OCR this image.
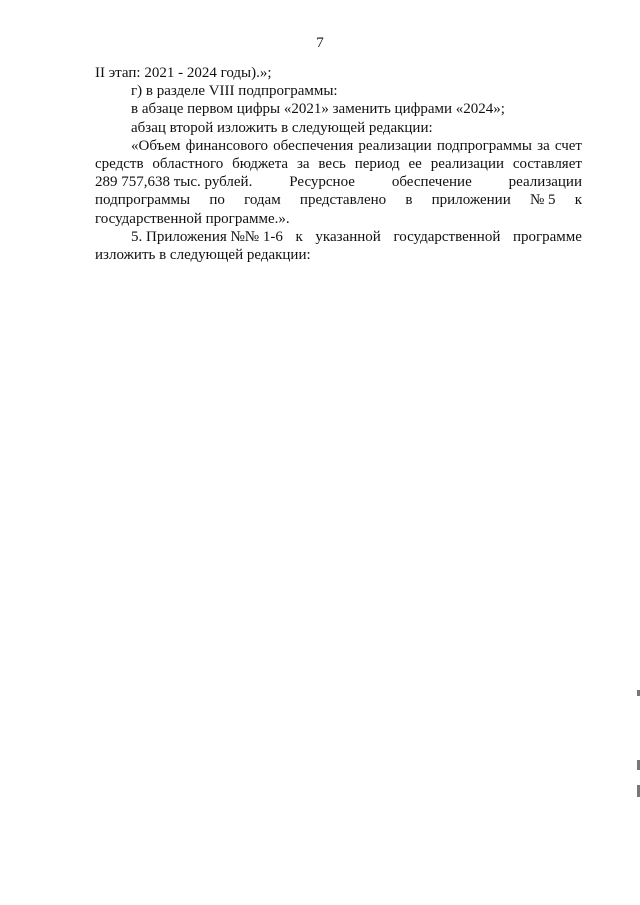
7
II этап: 2021 - 2024 годы).»;
г) в разделе VIII подпрограммы:
в абзаце первом цифры «2021» заменить цифрами «2024»;
абзац второй изложить в следующей редакции:
«Объем финансового обеспечения реализации подпрограммы за счет
средств областного бюджета за весь период ее реализации составляет
289 757,638 тыс. рублей. Ресурсное обеспечение реализации
подпрограммы по годам представлено в приложении № 5 к
государственной программе.».
5. Приложения №№ 1-6 к указанной государственной программе
изложить в следующей редакции:
